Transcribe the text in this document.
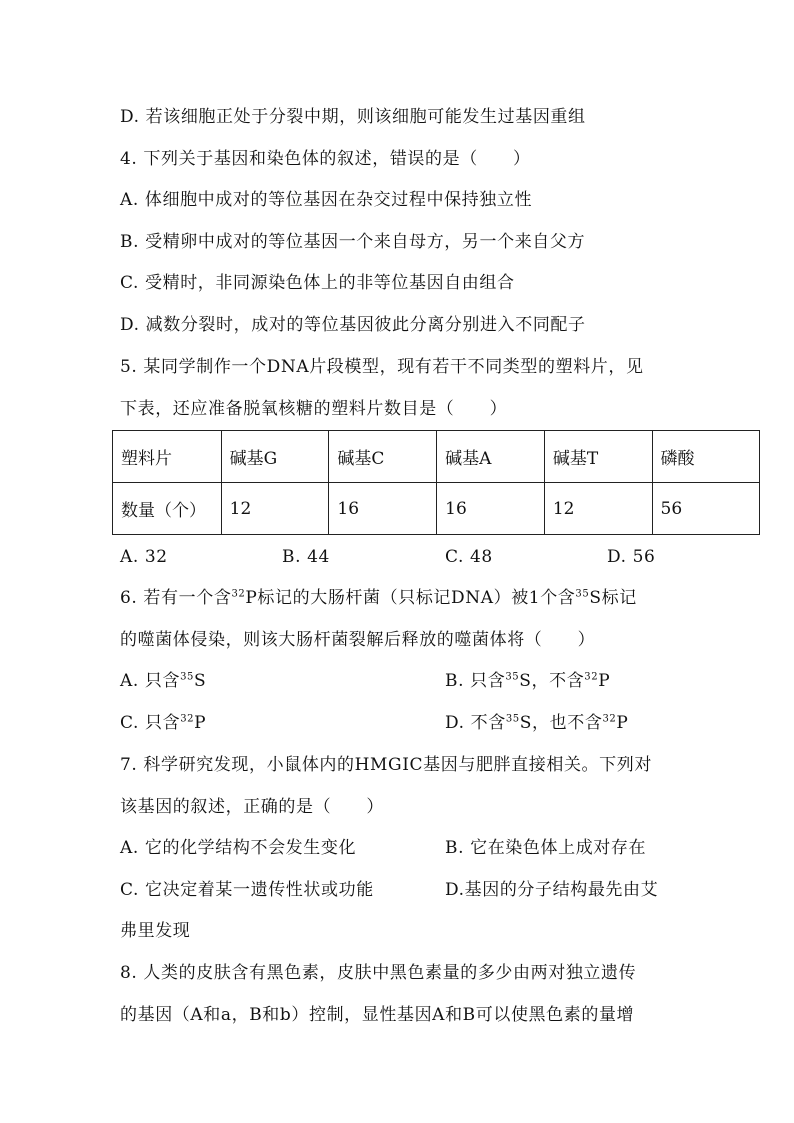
D. 若该细胞正处于分裂中期，则该细胞可能发生过基因重组
4. 下列关于基因和染色体的叙述，错误的是（　　）
A. 体细胞中成对的等位基因在杂交过程中保持独立性
B. 受精卵中成对的等位基因一个来自母方，另一个来自父方
C. 受精时，非同源染色体上的非等位基因自由组合
D. 减数分裂时，成对的等位基因彼此分离分别进入不同配子
5. 某同学制作一个DNA片段模型，现有若干不同类型的塑料片，见
下表，还应准备脱氧核糖的塑料片数目是（　　）
塑料片	碱基G	碱基C	碱基A	碱基T	磷酸
数量（个）	12	16	16	12	56
A. 32	B. 44	C. 48	D. 56
6. 若有一个含$^{32}$P标记的大肠杆菌（只标记DNA）被1个含$^{35}$S标记
的噬菌体侵染，则该大肠杆菌裂解后释放的噬菌体将（　　）
A. 只含$^{35}$S	B. 只含$^{35}$S，不含$^{32}$P
C. 只含$^{32}$P	D. 不含$^{35}$S，也不含$^{32}$P
7. 科学研究发现，小鼠体内的HMGIC基因与肥胖直接相关。下列对
该基因的叙述，正确的是（　　）
A. 它的化学结构不会发生变化	B. 它在染色体上成对存在
C. 它决定着某一遗传性状或功能	D.基因的分子结构最先由艾
弗里发现
8. 人类的皮肤含有黑色素，皮肤中黑色素量的多少由两对独立遗传
的基因（A和a，B和b）控制，显性基因A和B可以使黑色素的量增
